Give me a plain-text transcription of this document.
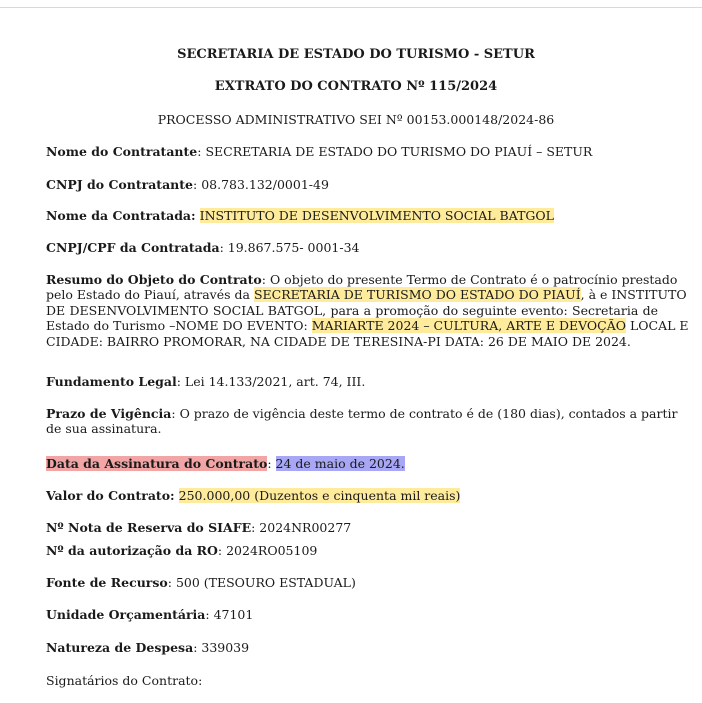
SECRETARIA DE ESTADO DO TURISMO - SETUR
EXTRATO DO CONTRATO Nº 115/2024
PROCESSO ADMINISTRATIVO SEI Nº 00153.000148/2024-86
Nome do Contratante: SECRETARIA DE ESTADO DO TURISMO DO PIAUÍ – SETUR
CNPJ do Contratante: 08.783.132/0001-49
Nome da Contratada: INSTITUTO DE DESENVOLVIMENTO SOCIAL BATGOL
CNPJ/CPF da Contratada: 19.867.575- 0001-34
Resumo do Objeto do Contrato: O objeto do presente Termo de Contrato é o patrocínio prestado
pelo Estado do Piauí, através da SECRETARIA DE TURISMO DO ESTADO DO PIAUÍ, à e INSTITUTO
DE DESENVOLVIMENTO SOCIAL BATGOL, para a promoção do seguinte evento: Secretaria de
Estado do Turismo –NOME DO EVENTO: MARIARTE 2024 – CULTURA, ARTE E DEVOÇÃO LOCAL E
CIDADE: BAIRRO PROMORAR, NA CIDADE DE TERESINA-PI DATA: 26 DE MAIO DE 2024.
Fundamento Legal: Lei 14.133/2021, art. 74, III.
Prazo de Vigência: O prazo de vigência deste termo de contrato é de (180 dias), contados a partir
de sua assinatura.
Data da Assinatura do Contrato: 24 de maio de 2024.
Valor do Contrato: 250.000,00 (Duzentos e cinquenta mil reais)
Nº Nota de Reserva do SIAFE: 2024NR00277
Nº da autorização da RO: 2024RO05109
Fonte de Recurso: 500 (TESOURO ESTADUAL)
Unidade Orçamentária: 47101
Natureza de Despesa: 339039
Signatários do Contrato:
